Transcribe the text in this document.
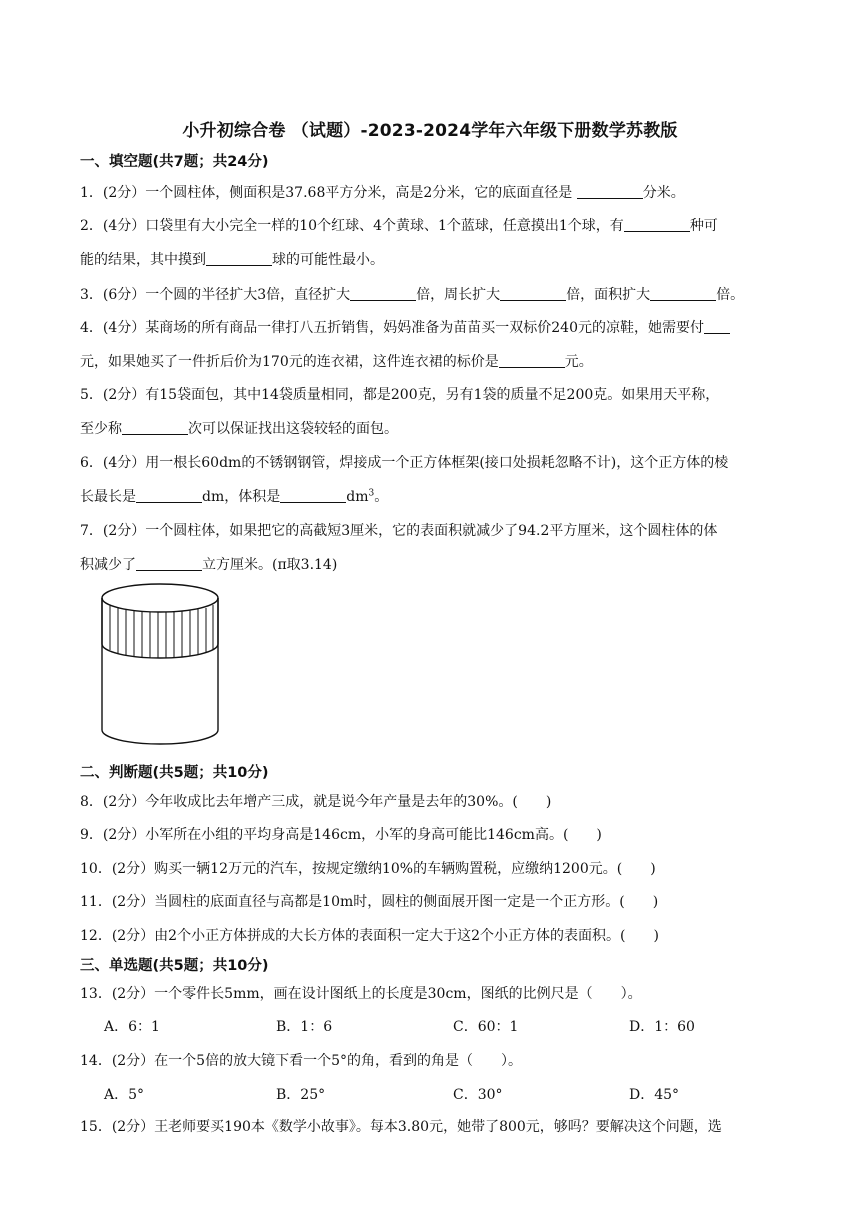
小升初综合卷 （试题）-2023-2024学年六年级下册数学苏教版
一、填空题(共7题；共24分)
1．(2分）一个圆柱体，侧面积是37.68平方分米，高是2分米，它的底面直径是	分米。
2．(4分）口袋里有大小完全一样的10个红球、4个黄球、1个蓝球，任意摸出1个球，有	种可
能的结果，其中摸到	球的可能性最小。
3．(6分）一个圆的半径扩大3倍，直径扩大	倍，周长扩大	倍，面积扩大	倍。
4．(4分）某商场的所有商品一律打八五折销售，妈妈准备为苗苗买一双标价240元的凉鞋，她需要付
元，如果她买了一件折后价为170元的连衣裙，这件连衣裙的标价是	元。
5．(2分）有15袋面包，其中14袋质量相同，都是200克，另有1袋的质量不足200克。如果用天平称，
至少称	次可以保证找出这袋较轻的面包。
6．(4分）用一根长60dm的不锈钢钢管，焊接成一个正方体框架(接口处损耗忽略不计)，这个正方体的棱
长最长是	dm，体积是	$dm^3$。
7．(2分）一个圆柱体，如果把它的高截短3厘米，它的表面积就减少了94.2平方厘米，这个圆柱体的体
积减少了	立方厘米。(π取3.14)
二、判断题(共5题；共10分)
8．(2分）今年收成比去年增产三成，就是说今年产量是去年的30%。(　　)
9．(2分）小军所在小组的平均身高是146cm，小军的身高可能比146cm高。(　　)
10．(2分）购买一辆12万元的汽车，按规定缴纳10%的车辆购置税，应缴纳1200元。(　　)
11．(2分）当圆柱的底面直径与高都是10m时，圆柱的侧面展开图一定是一个正方形。(　　)
12．(2分）由2个小正方体拼成的大长方体的表面积一定大于这2个小正方体的表面积。(　　)
三、单选题(共5题；共10分)
13．(2分）一个零件长5mm，画在设计图纸上的长度是30cm，图纸的比例尺是（　　）。
A．6：1	B．1：6	C．60：1	D．1：60
14．(2分）在一个5倍的放大镜下看一个5°的角，看到的角是（　　）。
A．5°	B．25°	C．30°	D．45°
15．(2分）王老师要买190本《数学小故事》。每本3.80元，她带了800元，够吗？要解决这个问题，选
